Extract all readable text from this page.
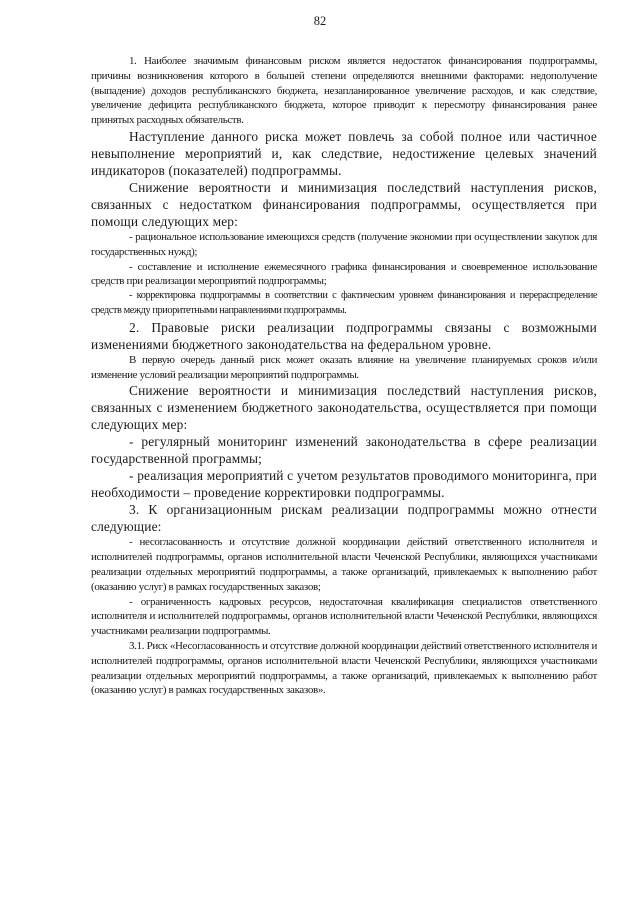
82

1. Наиболее значимым финансовым риском является недостаток финансирования подпрограммы, причины возникновения которого в большей степени определяются внешними факторами: недополучение (выпадение) доходов республиканского бюджета, незапланированное увеличение расходов, и как следствие, увеличение дефицита республиканского бюджета, которое приводит к пересмотру финансирования ранее принятых расходных обязательств.

Наступление данного риска может повлечь за собой полное или частичное невыполнение мероприятий и, как следствие, недостижение целевых значений индикаторов (показателей) подпрограммы.

Снижение вероятности и минимизация последствий наступления рисков, связанных с недостатком финансирования подпрограммы, осуществляется при помощи следующих мер:

- рациональное использование имеющихся средств (получение экономии при осуществлении закупок для государственных нужд);

- составление и исполнение ежемесячного графика финансирования и своевременное использование средств при реализации мероприятий подпрограммы;

- корректировка подпрограммы в соответствии с фактическим уровнем финансирования и перераспределение средств между приоритетными направлениями подпрограммы.

2. Правовые риски реализации подпрограммы связаны с возможными изменениями бюджетного законодательства на федеральном уровне.

В первую очередь данный риск может оказать влияние на увеличение планируемых сроков и/или изменение условий реализации мероприятий подпрограммы.

Снижение вероятности и минимизация последствий наступления рисков, связанных с изменением бюджетного законодательства, осуществляется при помощи следующих мер:

- регулярный мониторинг изменений законодательства в сфере реализации государственной программы;

- реализация мероприятий с учетом результатов проводимого мониторинга, при необходимости – проведение корректировки подпрограммы.

3. К организационным рискам реализации подпрограммы можно отнести следующие:

- несогласованность и отсутствие должной координации действий ответственного исполнителя и исполнителей подпрограммы, органов исполнительной власти Чеченской Республики, являющихся участниками реализации отдельных мероприятий подпрограммы, а также организаций, привлекаемых к выполнению работ (оказанию услуг) в рамках государственных заказов;

- ограниченность кадровых ресурсов, недостаточная квалификация специалистов ответственного исполнителя и исполнителей подпрограммы, органов исполнительной власти Чеченской Республики, являющихся участниками реализации подпрограммы.

3.1. Риск «Несогласованность и отсутствие должной координации действий ответственного исполнителя и исполнителей подпрограммы, органов исполнительной власти Чеченской Республики, являющихся участниками реализации отдельных мероприятий подпрограммы, а также организаций, привлекаемых к выполнению работ (оказанию услуг) в рамках государственных заказов».
